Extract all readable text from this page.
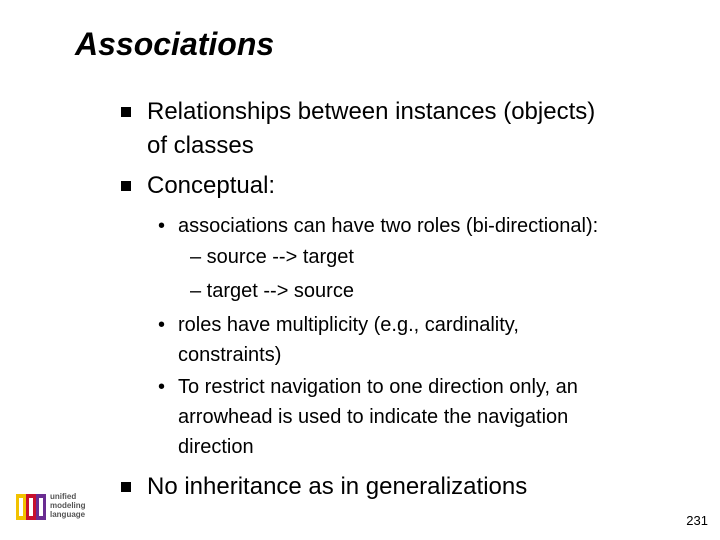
Associations
Relationships between instances (objects)
of classes
Conceptual:
• associations can have two roles (bi-directional):
– source --> target
– target --> source
• roles have multiplicity (e.g., cardinality,
constraints)
• To restrict navigation to one direction only, an
arrowhead is used to indicate the navigation
direction
No inheritance as in generalizations
unified
modeling
language	231
